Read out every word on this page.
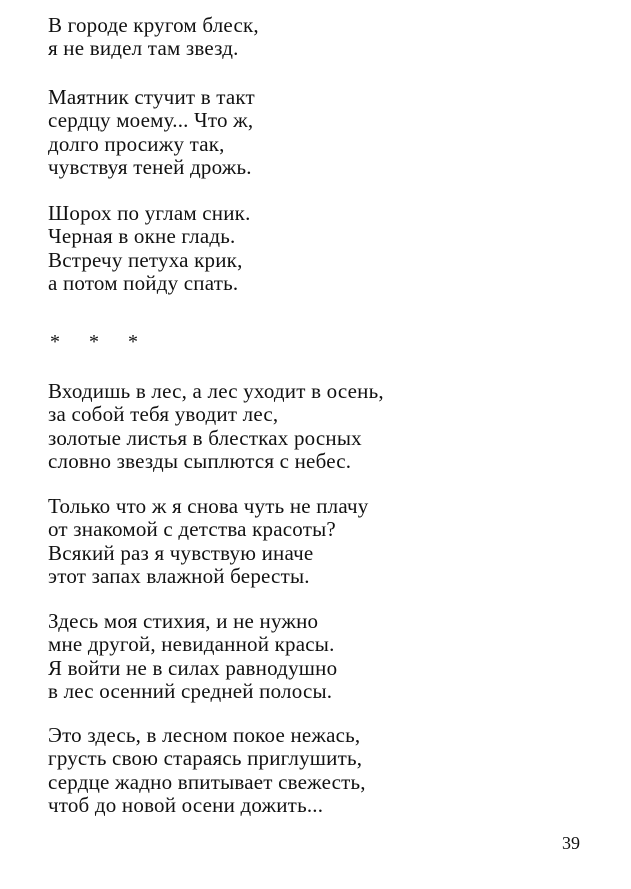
В городе кругом блеск,
я не видел там звезд.
Маятник стучит в такт
сердцу моему... Что ж,
долго просижу так,
чувствуя теней дрожь.
Шорох по углам сник.
Черная в окне гладь.
Встречу петуха крик,
а потом пойду спать.
* * *
Входишь в лес, а лес уходит в осень,
за собой тебя уводит лес,
золотые листья в блестках росных
словно звезды сыплются с небес.
Только что ж я снова чуть не плачу
от знакомой с детства красоты?
Всякий раз я чувствую иначе
этот запах влажной бересты.
Здесь моя стихия, и не нужно
мне другой, невиданной красы.
Я войти не в силах равнодушно
в лес осенний средней полосы.
Это здесь, в лесном покое нежась,
грусть свою стараясь приглушить,
сердце жадно впитывает свежесть,
чтоб до новой осени дожить...
39
